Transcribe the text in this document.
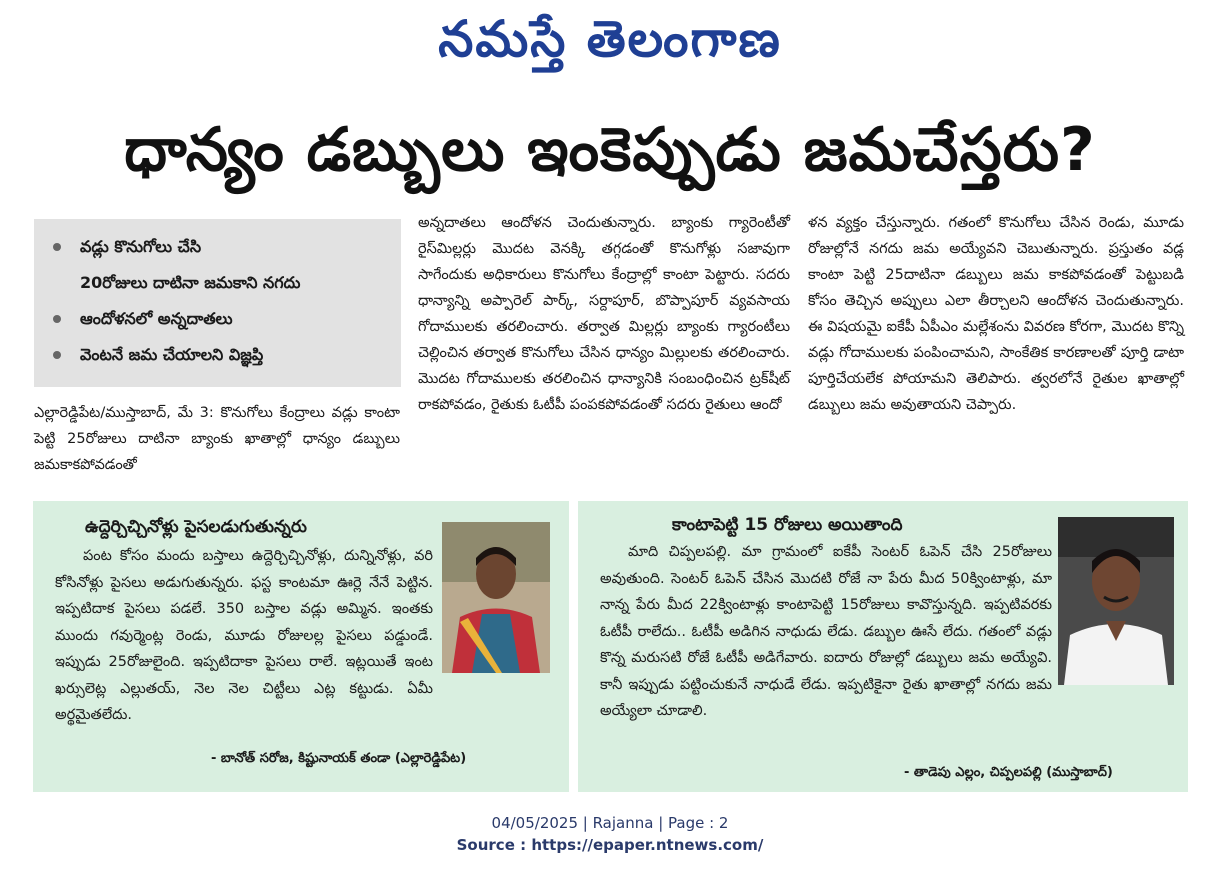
నమస్తే తెలంగాణ
ధాన్యం డబ్బులు ఇంకెప్పుడు జమచేస్తరు?
వడ్లు కొనుగోలు చేసి
20రోజులు దాటినా జమకాని నగదు
ఆందోళనలో అన్నదాతలు
వెంటనే జమ చేయాలని విజ్ఞప్తి

ఎల్లారెడ్డిపేట/ముస్తాబాద్, మే 3: కొనుగోలు కేంద్రాలు వడ్లు కాంటా పెట్టి 25రోజులు దాటినా బ్యాంకు ఖాతాల్లో ధాన్యం డబ్బులు జమకాకపోవడంతో

అన్నదాతలు ఆందోళన చెందుతున్నారు. బ్యాంకు గ్యారెంటీతో రైస్‌మిల్లర్లు మొదట వెనక్కి తగ్గడంతో కొనుగోళ్లు సజావుగా సాగేందుకు అధికారులు కొనుగోలు కేంద్రాల్లో కాంటా పెట్టారు. సదరు ధాన్యాన్ని అప్పారెల్ పార్క్, సర్దాపూర్, బొప్పాపూర్ వ్యవసాయ గోదాములకు తరలించారు. తర్వాత మిల్లర్లు బ్యాంకు గ్యారంటీలు చెల్లించిన తర్వాత కొనుగోలు చేసిన ధాన్యం మిల్లులకు తరలించారు. మొదట గోదాములకు తరలించిన ధాన్యానికి సంబంధించిన ట్రక్‌షీట్ రాకపోవడం, రైతుకు ఓటీపీ పంపకపోవడంతో సదరు రైతులు ఆందో

ళన వ్యక్తం చేస్తున్నారు. గతంలో కొనుగోలు చేసిన రెండు, మూడు రోజుల్లోనే నగదు జమ అయ్యేవని చెబుతున్నారు. ప్రస్తుతం వడ్ల కాంటా పెట్టి 25దాటినా డబ్బులు జమ కాకపోవడంతో పెట్టుబడి కోసం తెచ్చిన అప్పులు ఎలా తీర్చాలని ఆందోళన చెందుతున్నారు. ఈ విషయమై ఐకేపీ ఏపీఎం మల్లేశంను వివరణ కోరగా, మొదట కొన్ని వడ్లు గోదాములకు పంపించామని, సాంకేతిక కారణాలతో పూర్తి డాటా పూర్తిచేయలేక పోయామని తెలిపారు. త్వరలోనే రైతుల ఖాతాల్లో డబ్బులు జమ అవుతాయని చెప్పారు.

ఉద్దెర్చిచ్చినోళ్లు పైసలడుగుతున్నరు

పంట కోసం మందు బస్తాలు ఉద్దెర్చిచ్చినోళ్లు, దున్నినోళ్లు, వరి కోసినోళ్లు పైసలు అడుగుతున్నరు. ఫస్ట కాంటమా ఊర్లె నేనే పెట్టిన. ఇప్పటిదాక పైసలు పడలే. 350 బస్తాల వడ్లు అమ్మిన. ఇంతకు ముందు గవుర్మెంట్ల రెండు, మూడు రోజులల్ల పైసలు పడ్డుండే. ఇప్పుడు 25రోజులైంది. ఇప్పటిదాకా పైసలు రాలే. ఇట్లయితే ఇంట ఖర్సులెట్ల ఎల్లుతయ్, నెల నెల చిట్టీలు ఎట్ల కట్టుడు. ఏమీ అర్థమైతలేదు.

- బానోత్ సరోజ, కిష్టునాయక్ తండా (ఎల్లారెడ్డిపేట)
కాంటాపెట్టి 15 రోజులు అయితాంది

మాది చిప్పలపల్లి. మా గ్రామంలో ఐకేపీ సెంటర్ ఓపెన్ చేసి 25రోజులు అవుతుంది. సెంటర్ ఓపెన్ చేసిన మొదటి రోజే నా పేరు మీద 50క్వింటాళ్లు, మా నాన్న పేరు మీద 22క్వింటాళ్లు కాంటాపెట్టి 15రోజులు కావొస్తున్నది. ఇప్పటివరకు ఓటీపీ రాలేదు.. ఓటీపీ అడిగిన నాధుడు లేడు. డబ్బుల ఊసే లేదు. గతంలో వడ్లు కొన్న మరుసటి రోజే ఓటీపీ అడిగేవారు. ఐదారు రోజుల్లో డబ్బులు జమ అయ్యేవి. కానీ ఇప్పుడు పట్టించుకునే నాధుడే లేడు. ఇప్పటికైనా రైతు ఖాతాల్లో నగదు జమ అయ్యేలా చూడాలి.

- తాడెపు ఎల్లం, చిప్పలపల్లి (ముస్తాబాద్)
04/05/2025 | Rajanna | Page : 2
Source : https://epaper.ntnews.com/
